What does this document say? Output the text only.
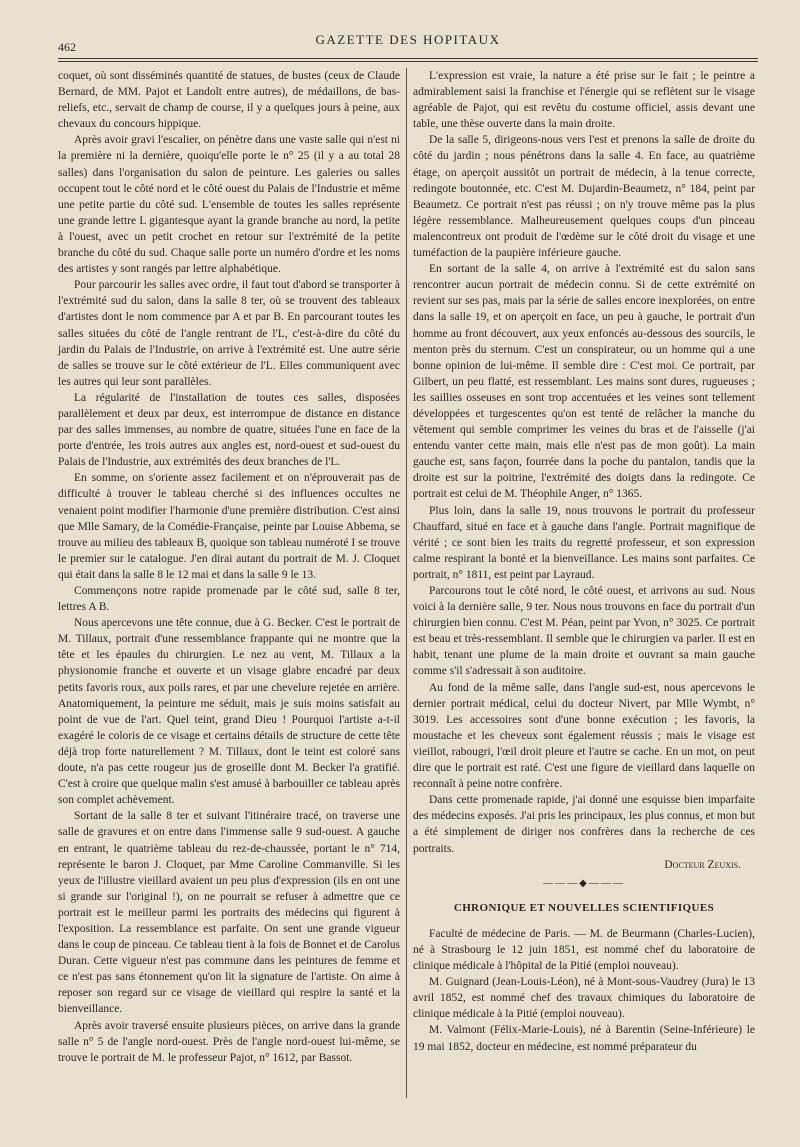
462	GAZETTE DES HOPITAUX

coquet, où sont disséminés quantité de statues, de bustes (ceux de Claude Bernard, de MM. Pajot et Landolt entre autres), de médaillons, de bas-reliefs, etc., servait de champ de course, il y a quelques jours à peine, aux chevaux du concours hippique.

Après avoir gravi l'escalier, on pénètre dans une vaste salle qui n'est ni la première ni la dernière, quoiqu'elle porte le n° 25 (il y a au total 28 salles) dans l'organisation du salon de peinture. Les galeries ou salles occupent tout le côté nord et le côté ouest du Palais de l'Industrie et même une petite partie du côté sud. L'ensemble de toutes les salles représente une grande lettre L gigantesque ayant la grande branche au nord, la petite à l'ouest, avec un petit crochet en retour sur l'extrémité de la petite branche du côté du sud. Chaque salle porte un numéro d'ordre et les noms des artistes y sont rangés par lettre alphabétique.

Pour parcourir les salles avec ordre, il faut tout d'abord se transporter à l'extrémité sud du salon, dans la salle 8 ter, où se trouvent des tableaux d'artistes dont le nom commence par A et par B. En parcourant toutes les salles situées du côté de l'angle rentrant de l'L, c'est-à-dire du côté du jardin du Palais de l'Industrie, on arrive à l'extrémité est. Une autre série de salles se trouve sur le côté extérieur de l'L. Elles communiquent avec les autres qui leur sont parallèles.

La régularité de l'installation de toutes ces salles, disposées parallèlement et deux par deux, est interrompue de distance en distance par des salles immenses, au nombre de quatre, situées l'une en face de la porte d'entrée, les trois autres aux angles est, nord-ouest et sud-ouest du Palais de l'Industrie, aux extrémités des deux branches de l'L.

En somme, on s'oriente assez facilement et on n'éprouverait pas de difficulté à trouver le tableau cherché si des influences occultes ne venaient point modifier l'harmonie d'une première distribution. C'est ainsi que Mlle Samary, de la Comédie-Française, peinte par Louise Abbema, se trouve au milieu des tableaux B, quoique son tableau numéroté I se trouve le premier sur le catalogue. J'en dirai autant du portrait de M. J. Cloquet qui était dans la salle 8 le 12 mai et dans la salle 9 le 13.

Commençons notre rapide promenade par le côté sud, salle 8 ter, lettres A B.

Nous apercevons une tête connue, due à G. Becker. C'est le portrait de M. Tillaux, portrait d'une ressemblance frappante qui ne montre que la tête et les épaules du chirurgien. Le nez au vent, M. Tillaux a la physionomie franche et ouverte et un visage glabre encadré par deux petits favoris roux, aux poils rares, et par une chevelure rejetée en arrière. Anatomiquement, la peinture me séduit, mais je suis moins satisfait au point de vue de l'art. Quel teint, grand Dieu ! Pourquoi l'artiste a-t-il exagéré le coloris de ce visage et certains détails de structure de cette tête déjà trop forte naturellement ? M. Tillaux, dont le teint est coloré sans doute, n'a pas cette rougeur jus de groseille dont M. Becker l'a gratifié. C'est à croire que quelque malin s'est amusé à barbouiller ce tableau après son complet achèvement.

Sortant de la salle 8 ter et suivant l'itinéraire tracé, on traverse une salle de gravures et on entre dans l'immense salle 9 sud-ouest. A gauche en entrant, le quatrième tableau du rez-de-chaussée, portant le n° 714, représente le baron J. Cloquet, par Mme Caroline Commanville. Si les yeux de l'illustre vieillard avaient un peu plus d'expression (ils en ont une si grande sur l'original !), on ne pourrait se refuser à admettre que ce portrait est le meilleur parmi les portraits des médecins qui figurent à l'exposition. La ressemblance est parfaite. On sent une grande vigueur dans le coup de pinceau. Ce tableau tient à la fois de Bonnet et de Carolus Duran. Cette vigueur n'est pas commune dans les peintures de femme et ce n'est pas sans étonnement qu'on lit la signature de l'artiste. On aime à reposer son regard sur ce visage de vieillard qui respire la santé et la bienveillance.

Après avoir traversé ensuite plusieurs pièces, on arrive dans la grande salle n° 5 de l'angle nord-ouest. Près de l'angle nord-ouest lui-même, se trouve le portrait de M. le professeur Pajot, n° 1612, par Bassot.

L'expression est vraie, la nature a été prise sur le fait ; le peintre a admirablement saisi la franchise et l'énergie qui se reflètent sur le visage agréable de Pajot, qui est revêtu du costume officiel, assis devant une table, une thèse ouverte dans la main droite.

De la salle 5, dirigeons-nous vers l'est et prenons la salle de droite du côté du jardin ; nous pénétrons dans la salle 4. En face, au quatrième étage, on aperçoit aussitôt un portrait de médecin, à la tenue correcte, redingote boutonnée, etc. C'est M. Dujardin-Beaumetz, n° 184, peint par Beaumetz. Ce portrait n'est pas réussi ; on n'y trouve même pas la plus légère ressemblance. Malheureusement quelques coups d'un pinceau malencontreux ont produit de l'œdème sur le côté droit du visage et une tuméfaction de la paupière inférieure gauche.

En sortant de la salle 4, on arrive à l'extrémité est du salon sans rencontrer aucun portrait de médecin connu. Si de cette extrémité on revient sur ses pas, mais par la série de salles encore inexplorées, on entre dans la salle 19, et on aperçoit en face, un peu à gauche, le portrait d'un homme au front découvert, aux yeux enfoncés au-dessous des sourcils, le menton près du sternum. C'est un conspirateur, ou un homme qui a une bonne opinion de lui-même. Il semble dire : C'est moi. Ce portrait, par Gilbert, un peu flatté, est ressemblant. Les mains sont dures, rugueuses ; les saillies osseuses en sont trop accentuées et les veines sont tellement développées et turgescentes qu'on est tenté de relâcher la manche du vêtement qui semble comprimer les veines du bras et de l'aisselle (j'ai entendu vanter cette main, mais elle n'est pas de mon goût). La main gauche est, sans façon, fourrée dans la poche du pantalon, tandis que la droite est sur la poitrine, l'extrémité des doigts dans la redingote. Ce portrait est celui de M. Théophile Anger, n° 1365.

Plus loin, dans la salle 19, nous trouvons le portrait du professeur Chauffard, situé en face et à gauche dans l'angle. Portrait magnifique de vérité ; ce sont bien les traits du regretté professeur, et son expression calme respirant la bonté et la bienveillance. Les mains sont parfaites. Ce portrait, n° 1811, est peint par Layraud.

Parcourons tout le côté nord, le côté ouest, et arrivons au sud. Nous voici à la dernière salle, 9 ter. Nous nous trouvons en face du portrait d'un chirurgien bien connu. C'est M. Péan, peint par Yvon, n° 3025. Ce portrait est beau et très-ressemblant. Il semble que le chirurgien va parler. Il est en habit, tenant une plume de la main droite et ouvrant sa main gauche comme s'il s'adressait à son auditoire.

Au fond de la même salle, dans l'angle sud-est, nous apercevons le dernier portrait médical, celui du docteur Nivert, par Mlle Wymbt, n° 3019. Les accessoires sont d'une bonne exécution ; les favoris, la moustache et les cheveux sont également réussis ; mais le visage est vieillot, rabougri, l'œil droit pleure et l'autre se cache. En un mot, on peut dire que le portrait est raté. C'est une figure de vieillard dans laquelle on reconnaît à peine notre confrère.

Dans cette promenade rapide, j'ai donné une esquisse bien imparfaite des médecins exposés. J'ai pris les principaux, les plus connus, et mon but a été simplement de diriger nos confrères dans la recherche de ces portraits.

Docteur Zeuxis.

———◆———
CHRONIQUE ET NOUVELLES SCIENTIFIQUES

Faculté de médecine de Paris. — M. de Beurmann (Charles-Lucien), né à Strasbourg le 12 juin 1851, est nommé chef du laboratoire de clinique médicale à l'hôpital de la Pitié (emploi nouveau).

M. Guignard (Jean-Louis-Léon), né à Mont-sous-Vaudrey (Jura) le 13 avril 1852, est nommé chef des travaux chimiques du laboratoire de clinique médicale à la Pitié (emploi nouveau).

M. Valmont (Félix-Marie-Louis), né à Barentin (Seine-Inférieure) le 19 mai 1852, docteur en médecine, est nommé préparateur du
